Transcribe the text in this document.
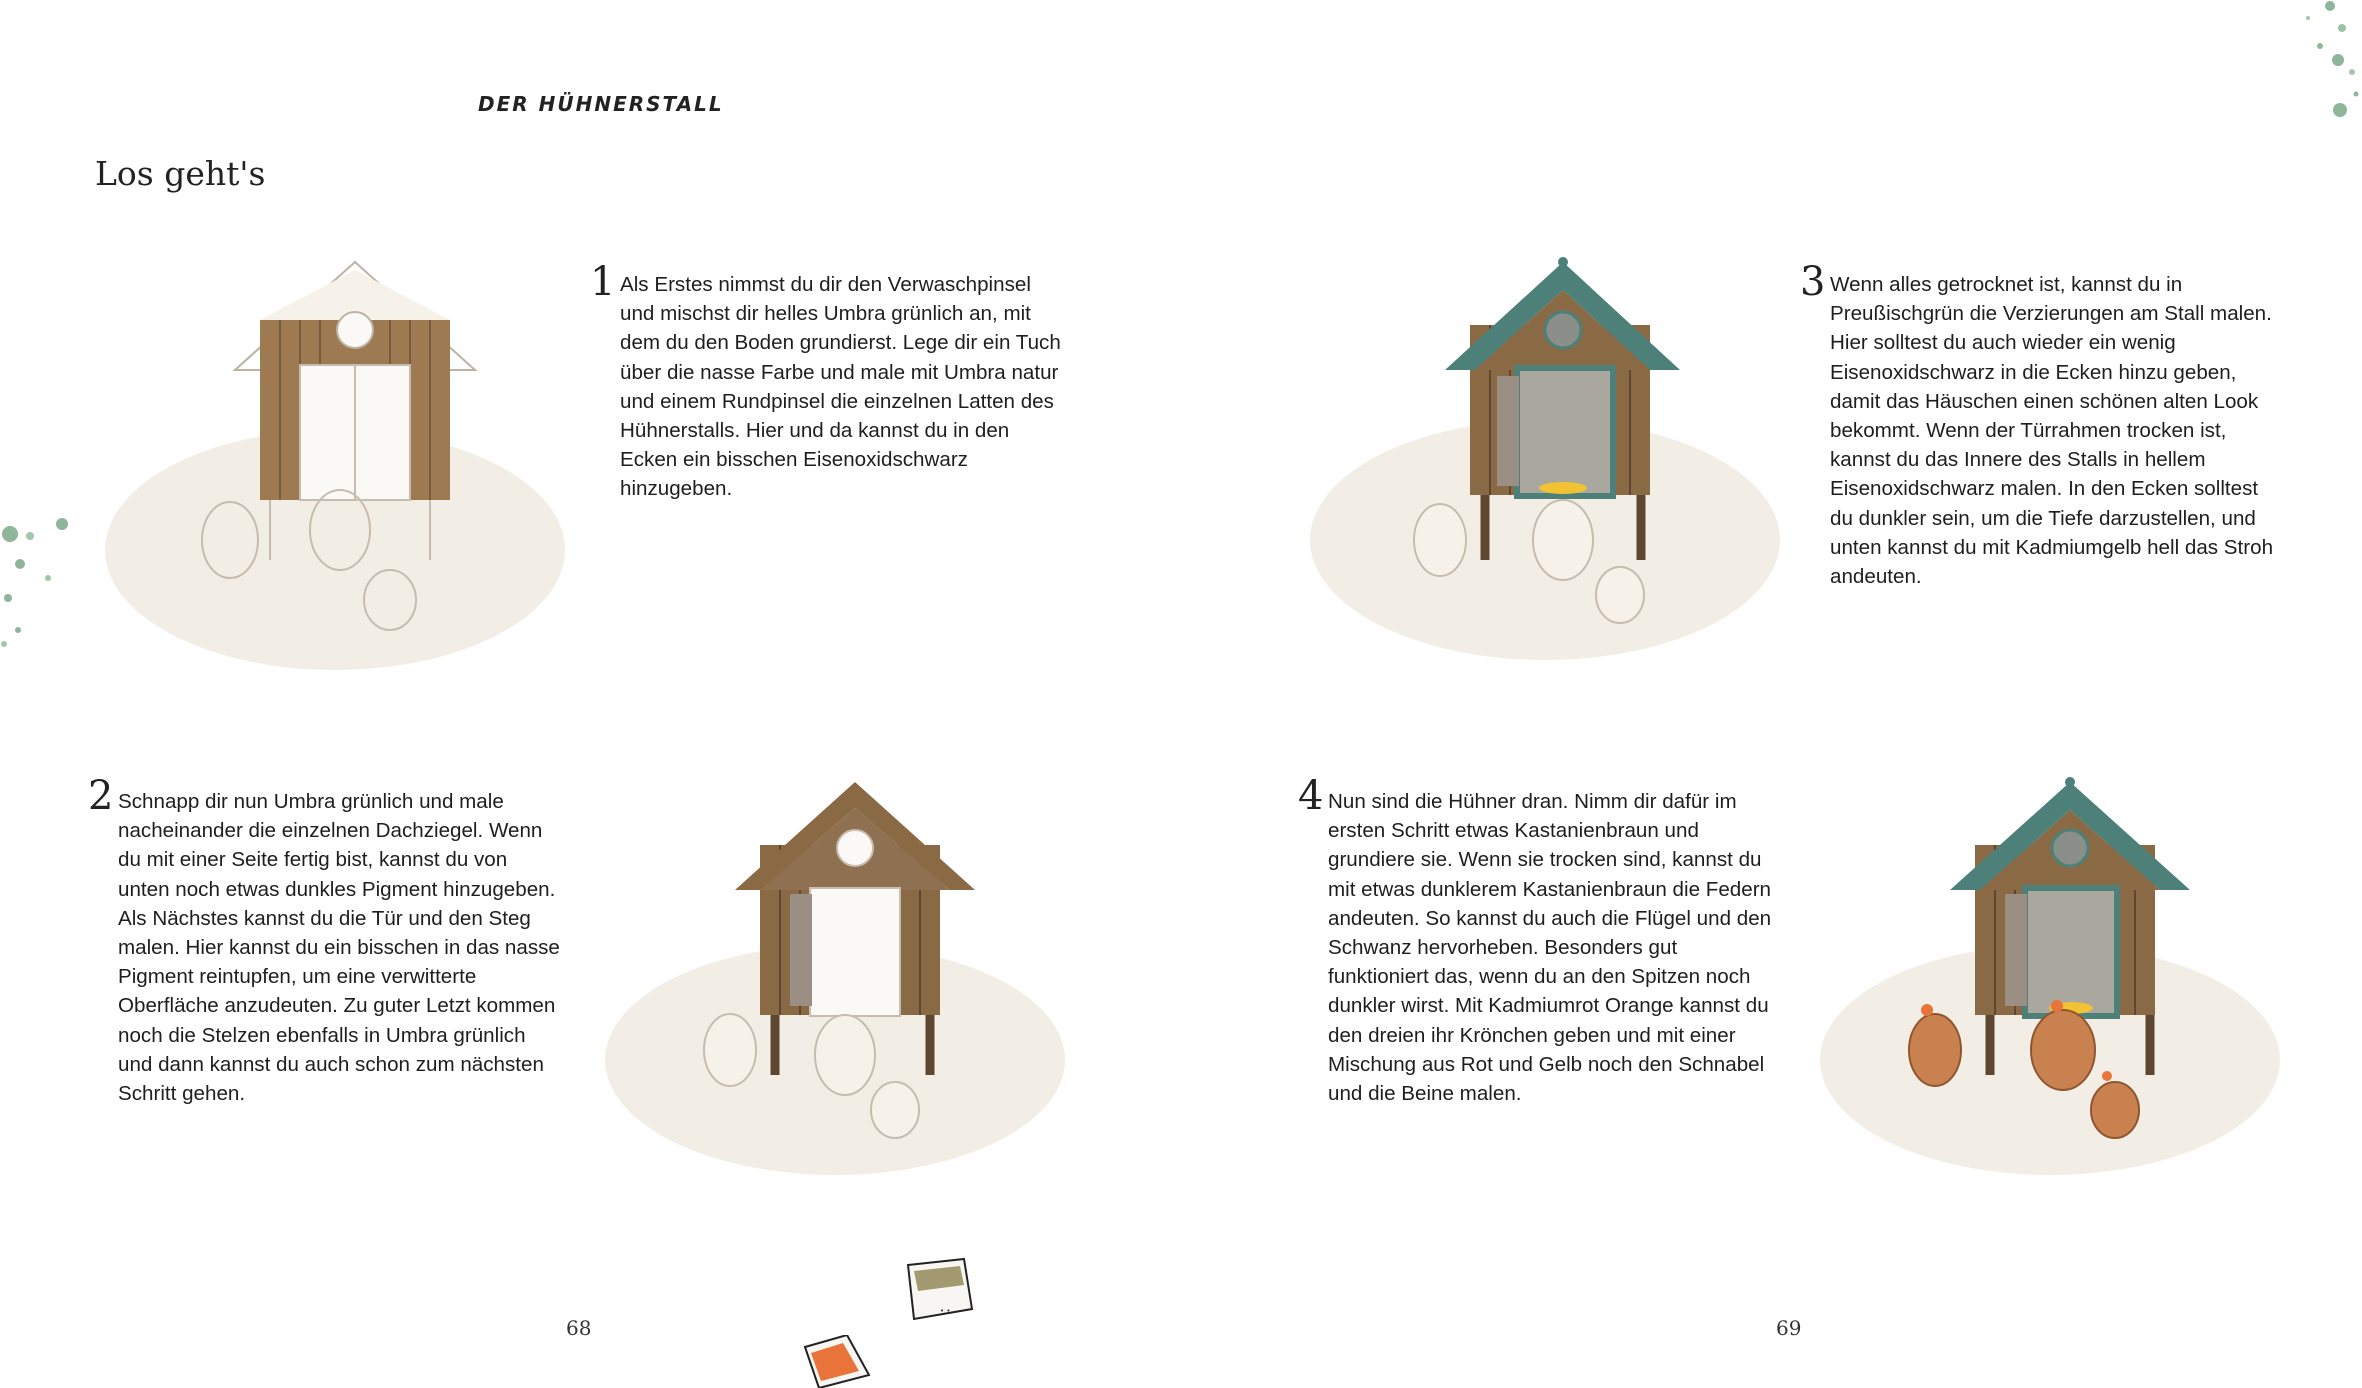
DER HÜHNERSTALL
Los geht's
1 Als Erstes nimmst du dir den Verwaschpinsel und mischst dir helles Umbra grünlich an, mit dem du den Boden grundierst. Lege dir ein Tuch über die nasse Farbe und male mit Umbra natur und einem Rundpinsel die einzelnen Latten des Hühnerstalls. Hier und da kannst du in den Ecken ein bisschen Eisenoxidschwarz hinzugeben.
3 Wenn alles getrocknet ist, kannst du in Preußischgrün die Verzierungen am Stall malen. Hier solltest du auch wieder ein wenig Eisenoxidschwarz in die Ecken hinzu geben, damit das Häuschen einen schönen alten Look bekommt. Wenn der Türrahmen trocken ist, kannst du das Innere des Stalls in hellem Eisenoxidschwarz malen. In den Ecken solltest du dunkler sein, um die Tiefe darzustellen, und unten kannst du mit Kadmiumgelb hell das Stroh andeuten.
2 Schnapp dir nun Umbra grünlich und male nacheinander die einzelnen Dachziegel. Wenn du mit einer Seite fertig bist, kannst du von unten noch etwas dunkles Pigment hinzugeben. Als Nächstes kannst du die Tür und den Steg malen. Hier kannst du ein bisschen in das nasse Pigment reintupfen, um eine verwitterte Oberfläche anzudeuten. Zu guter Letzt kommen noch die Stelzen ebenfalls in Umbra grünlich und dann kannst du auch schon zum nächsten Schritt gehen.
4 Nun sind die Hühner dran. Nimm dir dafür im ersten Schritt etwas Kastanienbraun und grundiere sie. Wenn sie trocken sind, kannst du mit etwas dunklerem Kastanienbraun die Federn andeuten. So kannst du auch die Flügel und den Schwanz hervorheben. Besonders gut funktioniert das, wenn du an den Spitzen noch dunkler wirst. Mit Kadmiumrot Orange kannst du den dreien ihr Krönchen geben und mit einer Mischung aus Rot und Gelb noch den Schnabel und die Beine malen.
68	69
• •
